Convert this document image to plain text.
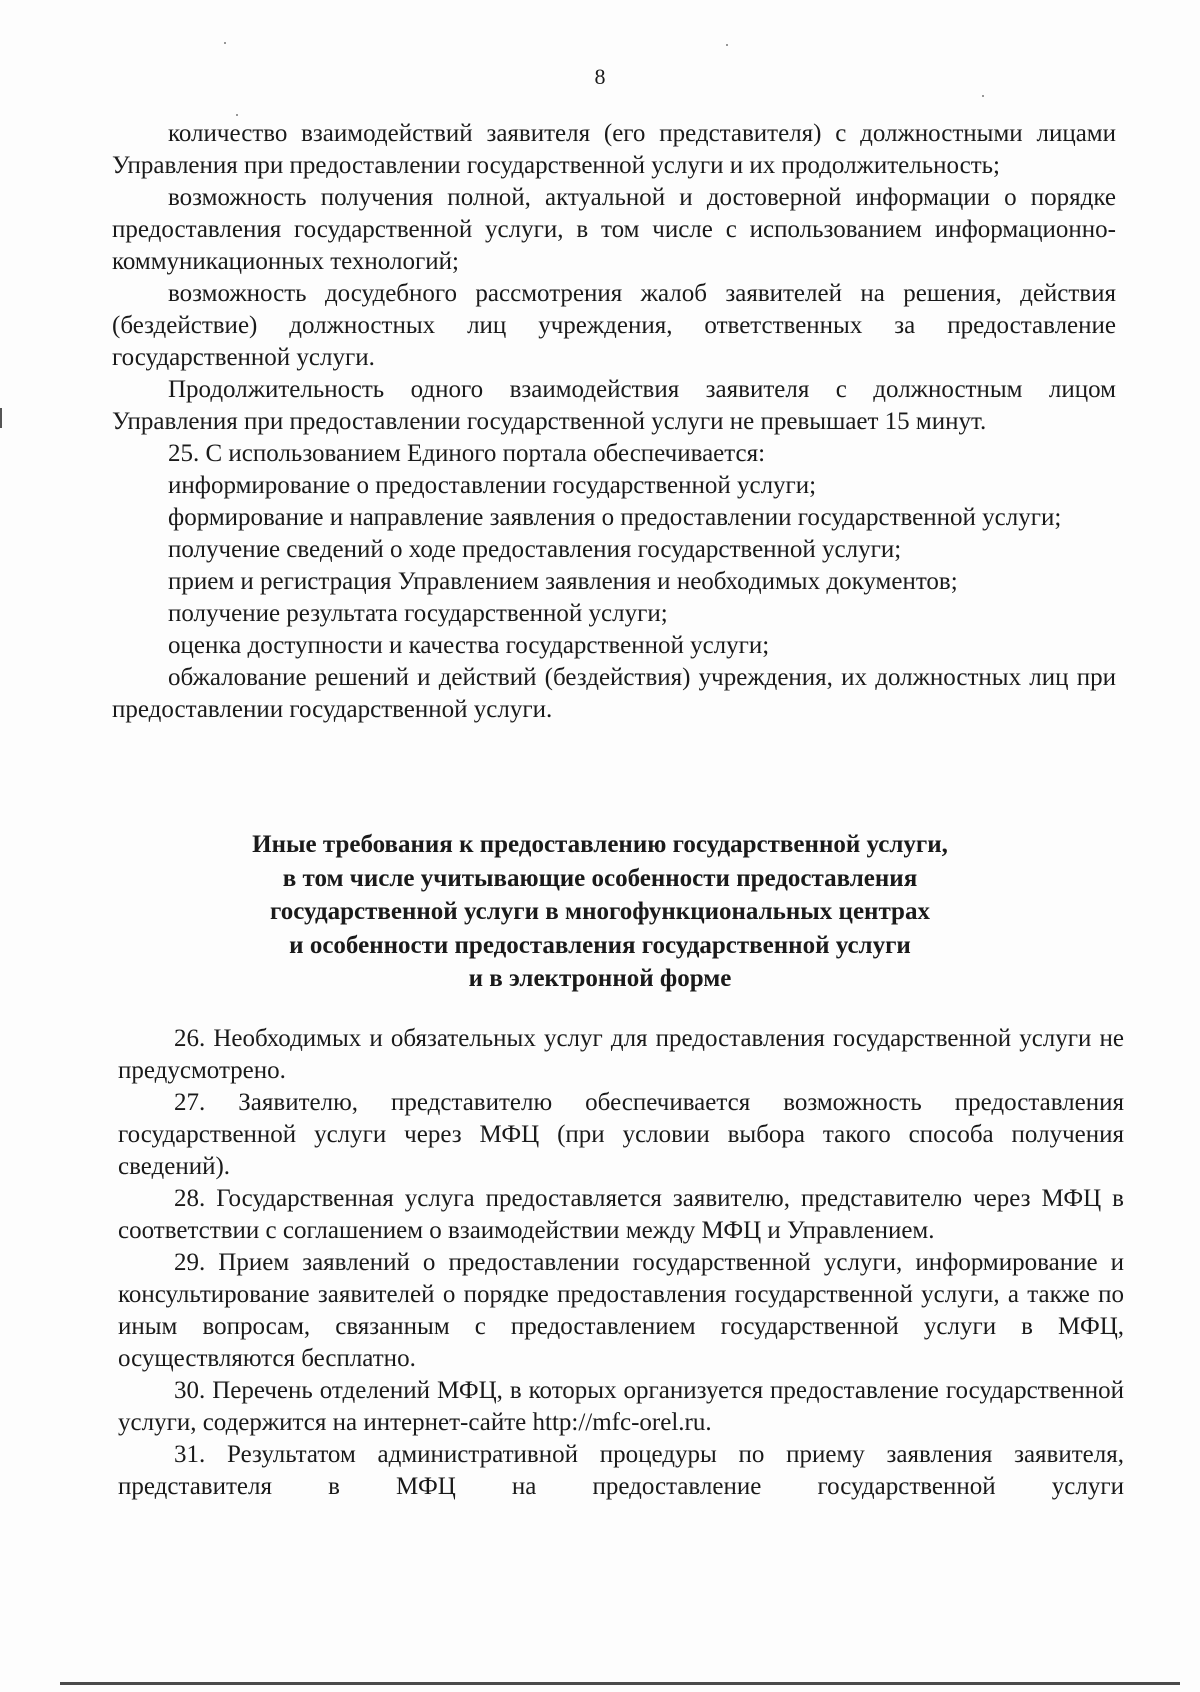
8

количество взаимодействий заявителя (его представителя) с должностными лицами Управления при предоставлении государственной услуги и их продолжительность;

возможность получения полной, актуальной и достоверной информации о порядке предоставления государственной услуги, в том числе с использованием информационно-коммуникационных технологий;

возможность досудебного рассмотрения жалоб заявителей на решения, действия (бездействие) должностных лиц учреждения, ответственных за предоставление государственной услуги.

Продолжительность одного взаимодействия заявителя с должностным лицом Управления при предоставлении государственной услуги не превышает 15 минут.

25. С использованием Единого портала обеспечивается:

информирование о предоставлении государственной услуги;

формирование и направление заявления о предоставлении государственной услуги;

получение сведений о ходе предоставления государственной услуги;

прием и регистрация Управлением заявления и необходимых документов;

получение результата государственной услуги;

оценка доступности и качества государственной услуги;

обжалование решений и действий (бездействия) учреждения, их должностных лиц при предоставлении государственной услуги.

Иные требования к предоставлению государственной услуги,
в том числе учитывающие особенности предоставления
государственной услуги в многофункциональных центрах
и особенности предоставления государственной услуги
и в электронной форме

26. Необходимых и обязательных услуг для предоставления государственной услуги не предусмотрено.

27. Заявителю, представителю обеспечивается возможность предоставления государственной услуги через МФЦ (при условии выбора такого способа получения сведений).

28. Государственная услуга предоставляется заявителю, представителю через МФЦ в соответствии с соглашением о взаимодействии между МФЦ и Управлением.

29. Прием заявлений о предоставлении государственной услуги, информирование и консультирование заявителей о порядке предоставления государственной услуги, а также по иным вопросам, связанным с предоставлением государственной услуги в МФЦ, осуществляются бесплатно.

30. Перечень отделений МФЦ, в которых организуется предоставление государственной услуги, содержится на интернет-сайте http://mfc-orel.ru.

31. Результатом административной процедуры по приему заявления заявителя, представителя в МФЦ на предоставление государственной услуги
